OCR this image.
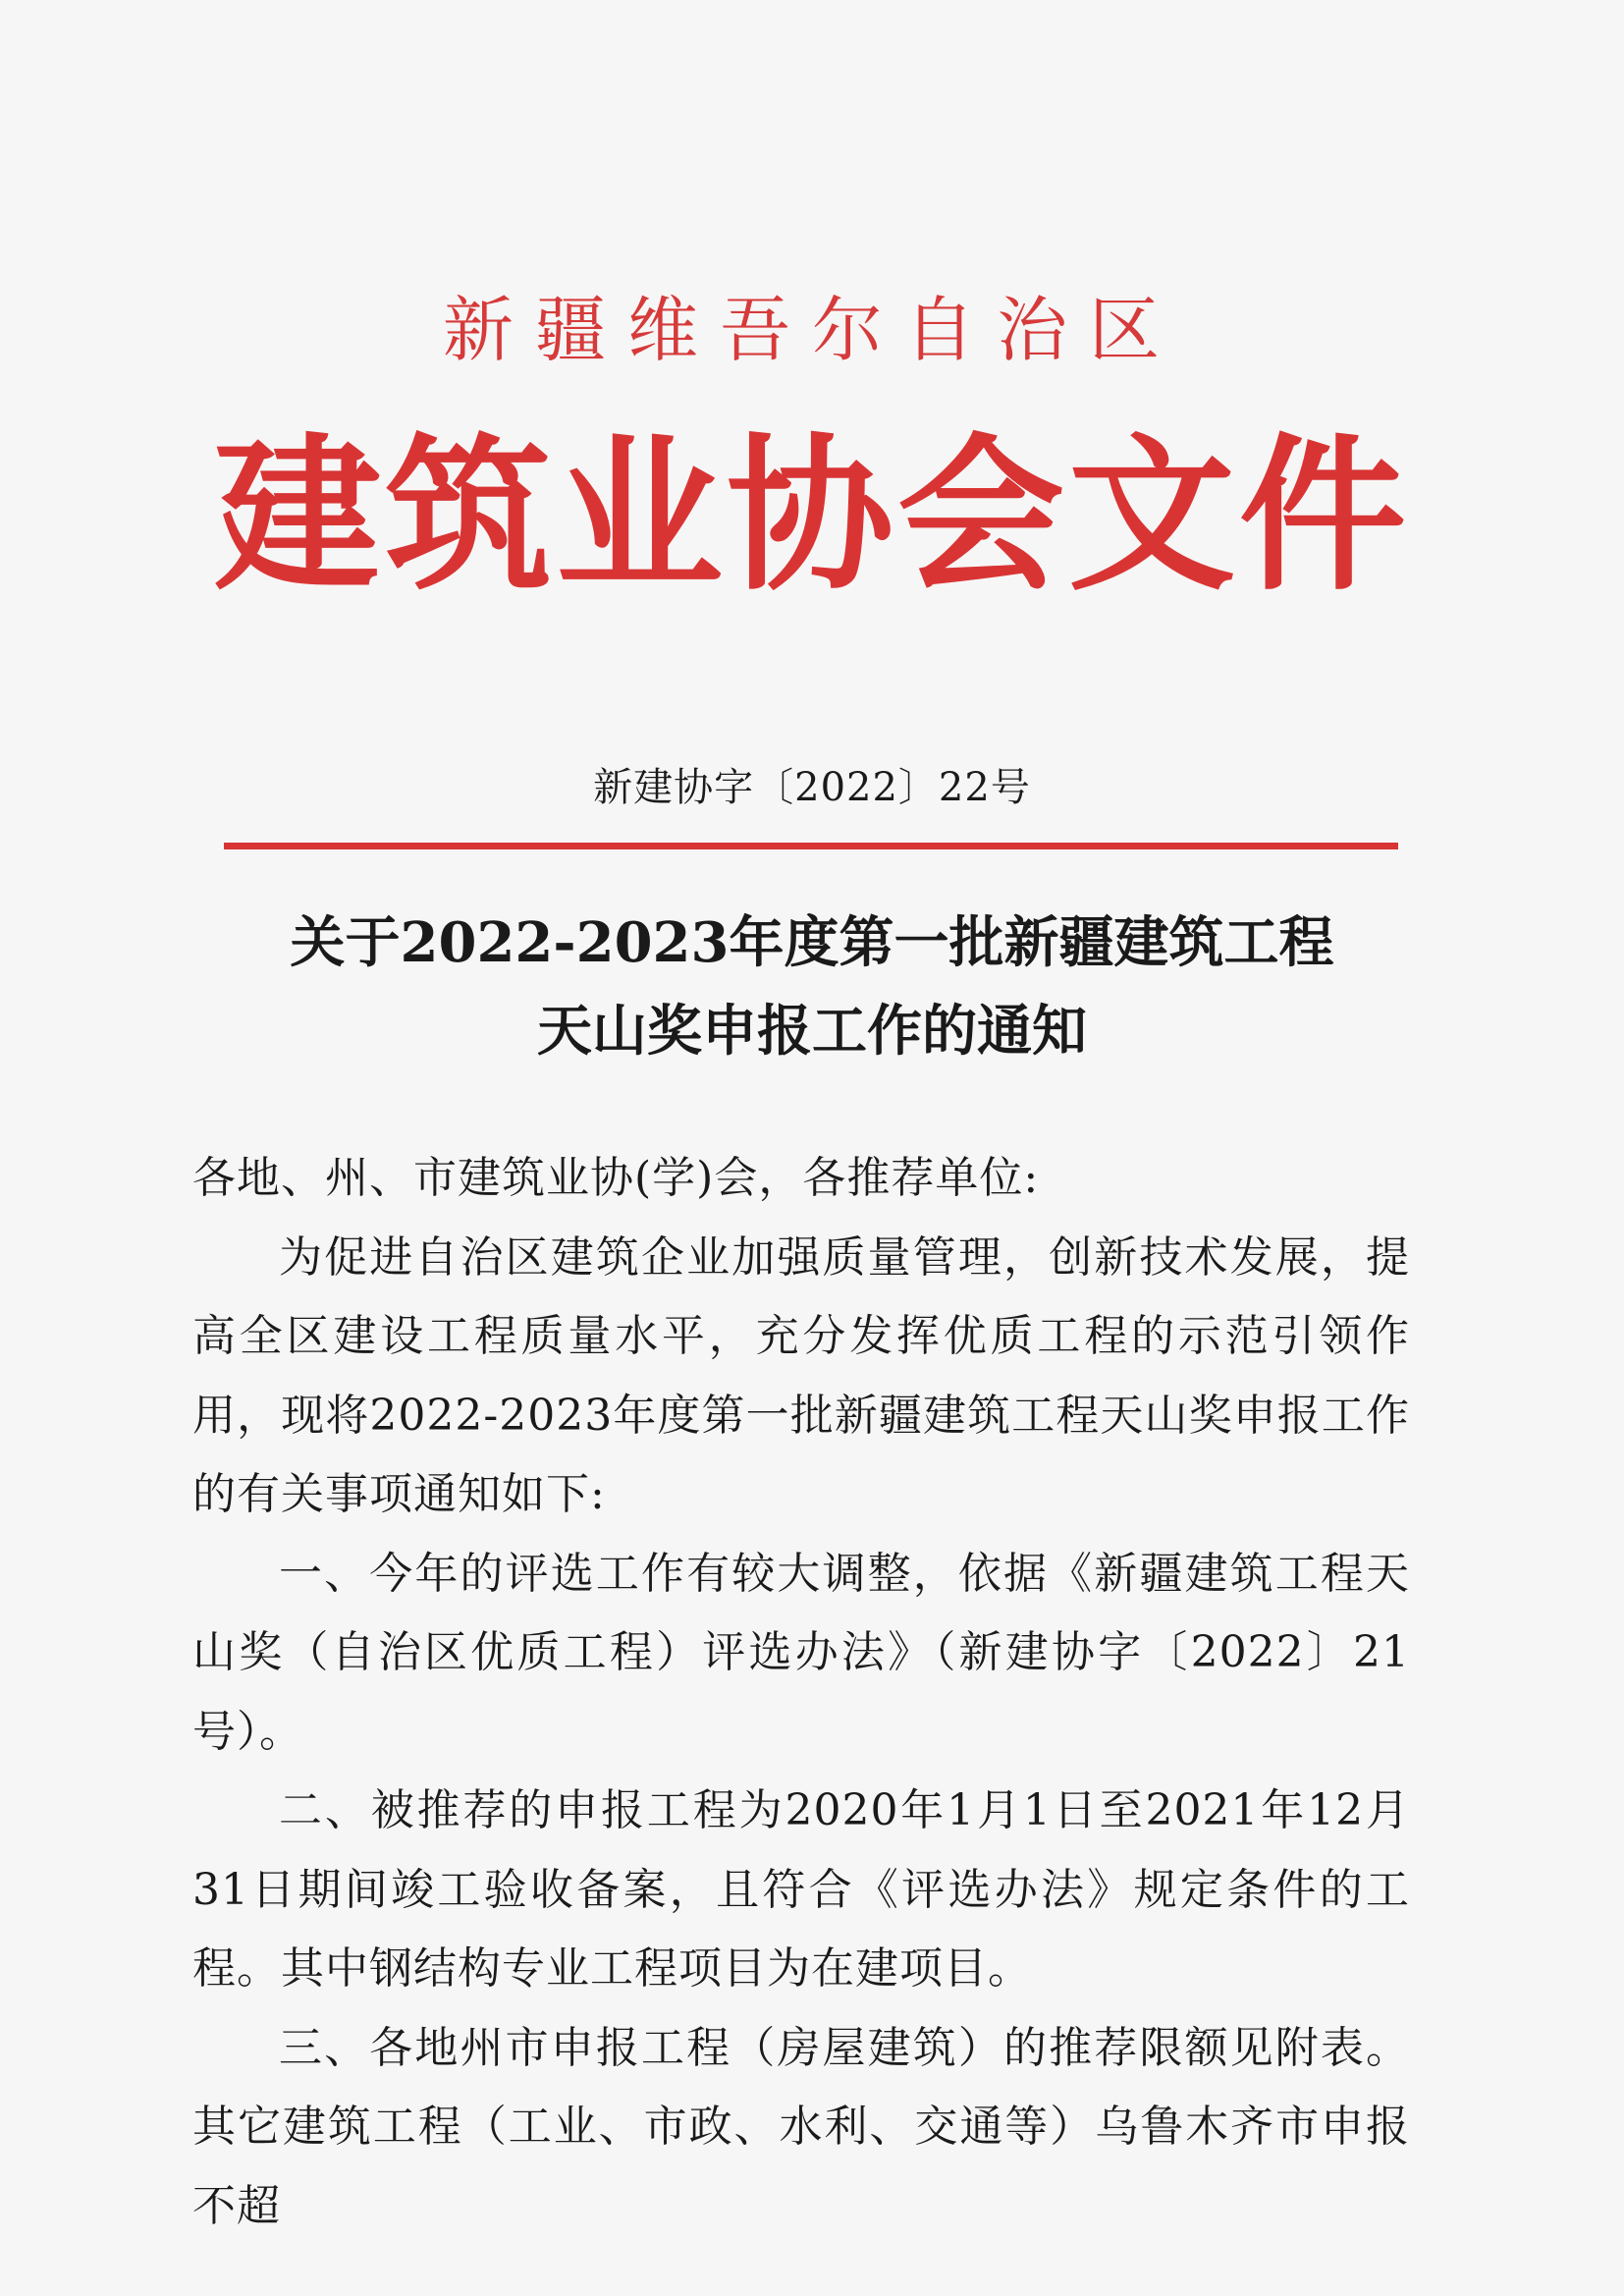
新疆维吾尔自治区
建筑业协会文件
新建协字〔2022〕22号
关于2022-2023年度第一批新疆建筑工程
天山奖申报工作的通知

各地、州、市建筑业协(学)会，各推荐单位:

为促进自治区建筑企业加强质量管理，创新技术发展，提高全区建设工程质量水平，充分发挥优质工程的示范引领作用，现将2022-2023年度第一批新疆建筑工程天山奖申报工作的有关事项通知如下:

一、今年的评选工作有较大调整，依据《新疆建筑工程天山奖（自治区优质工程）评选办法》（新建协字〔2022〕21号）。

二、被推荐的申报工程为2020年1月1日至2021年12月31日期间竣工验收备案，且符合《评选办法》规定条件的工程。其中钢结构专业工程项目为在建项目。

三、各地州市申报工程（房屋建筑）的推荐限额见附表。其它建筑工程（工业、市政、水利、交通等）乌鲁木齐市申报不超
